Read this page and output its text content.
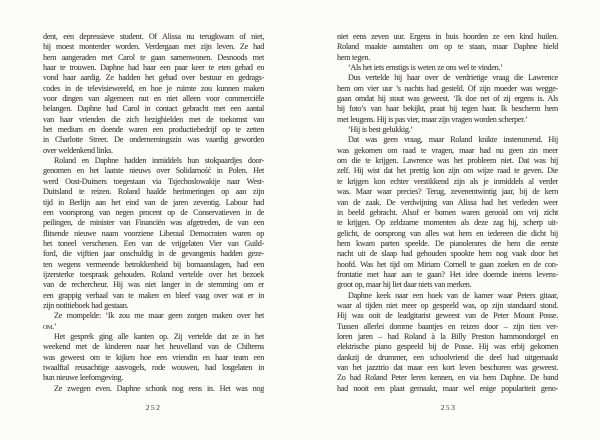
dent, een depressieve student. Of Alissa nu terugkwam of niet,
hij moest monterder worden. Verdergaan met zijn leven. Ze had
hem aangeraden met Carol te gaan samenwonen. Desnoods met
haar te trouwen. Daphne had haar een paar keer te eten gehad en
vond haar aardig. Ze hadden het gehad over bestuur en gedrags-
codes in de televisiewereld, en hoe je ruimte zou kunnen maken
voor dingen van algemeen nut en niet alleen voor commerciële
belangen. Daphne had Carol in contact gebracht met een aantal
van haar vrienden die zich bezighielden met de toekomst van
het medium en doende waren een productiebedrijf op te zetten
in Charlotte Street. De ondernemingszin was vaardig geworden
over weldenkend links.
Roland en Daphne hadden inmiddels hun stokpaardjes door-
genomen en het laatste nieuws over Solidarność in Polen. Het
werd Oost-Duitsers toegestaan via Tsjechoslowakije naar West-
Duitsland te reizen. Roland haalde herinneringen op aan zijn
tijd in Berlijn aan het eind van de jaren zeventig. Labour had
een voorsprong van negen procent op de Conservatieven in de
peilingen, de minister van Financiën was afgetreden, de van een
flitsende nieuwe naam voorziene Liberaal Democraten waren op
het toneel verschenen. Een van de vrijgelaten Vier van Guild-
ford, die vijftien jaar onschuldig in de gevangenis hadden geze-
ten wegens vermeende betrokkenheid bij bomaanslagen, had een
ijzersterke toespraak gehouden. Roland vertelde over het bezoek
van de rechercheur. Hij was niet langer in de stemming om er
een grappig verhaal van te maken en bleef vaag over wat er in
zijn notitieboek had gestaan.
Ze mompelde: ‘Ik zou me maar geen zorgen maken over het
om.’
Het gesprek ging alle kanten op. Zij vertelde dat ze in het
weekend met de kinderen naar het heuvelland van de Chilterns
was geweest om te kijken hoe een vriendin en haar team een
twaalftal reusachtige aasvogels, rode wouwen, had losgelaten in
hun nieuwe leefomgeving.
Ze zwegen even. Daphne schonk nog eens in. Het was nog
niet eens zeven uur. Ergens in huis hoorden ze een kind huilen.
Roland maakte aanstalten om op te staan, maar Daphne hield
hem tegen.
‘Als het iets ernstigs is weten ze ons wel te vinden.’
Dus vertelde hij haar over de verdrietige vraag die Lawrence
hem om vier uur ’s nachts had gesteld. Of zijn moeder was wegge-
gaan omdat hij stout was geweest. ‘Ik doe net of zij ergens is. Als
hij foto’s van haar bekijkt, praat hij tegen haar. Ik bescherm hem
met leugens. Hij is pas vier, maar zijn vragen worden scherper.’
‘Hij is best gelukkig.’
Dat was geen vraag, maar Roland knikte instemmend. Hij
was gekomen om raad te vragen, maar had nu geen zin meer
om die te krijgen. Lawrence was het probleem niet. Dat was hij
zelf. Hij wist dat het prettig kon zijn om wijze raad te geven. Die
te krijgen kon echter verstikkend zijn als je inmiddels al verder
was. Maar waar precies? Terug, zevenentwintig jaar, bij de kern
van de zaak. De verdwijning van Alissa had het verleden weer
in beeld gebracht. Alsof er bomen waren gerooid om vrij zicht
te krijgen. Op zeldzame momenten als deze zag hij, scherp uit-
gelicht, de oorsprong van alles wat hem en iedereen die dicht bij
hem kwam parten speelde. De pianolerares die hem die eerste
nacht uit de slaap had gehouden spookte hem nog vaak door het
hoofd. Was het tijd om Miriam Cornell te gaan zoeken en de con-
frontatie met haar aan te gaan? Het idee doemde ineens levens-
groot op, maar hij liet daar niets van merken.
Daphne keek naar een hoek van de kamer waar Peters gitaar,
waar al tijden niet meer op gespeeld was, op zijn standaard stond.
Hij was ooit de leadgitarist geweest van de Peter Mount Posse.
Tussen allerlei domme baantjes en reizen door – zijn tien ver-
loren jaren – had Roland à la Billy Preston hammondorgel en
elektrische piano gespeeld bij de Posse. Hij was erbij gekomen
dankzij de drummer, een schoolvriend die deel had uitgemaakt
van het jazztrio dat maar een kort leven beschoren was geweest.
Zo had Roland Peter leren kennen, en via hem Daphne. De band
had nooit een plaat gemaakt, maar wel enige populariteit geno-
252	253
